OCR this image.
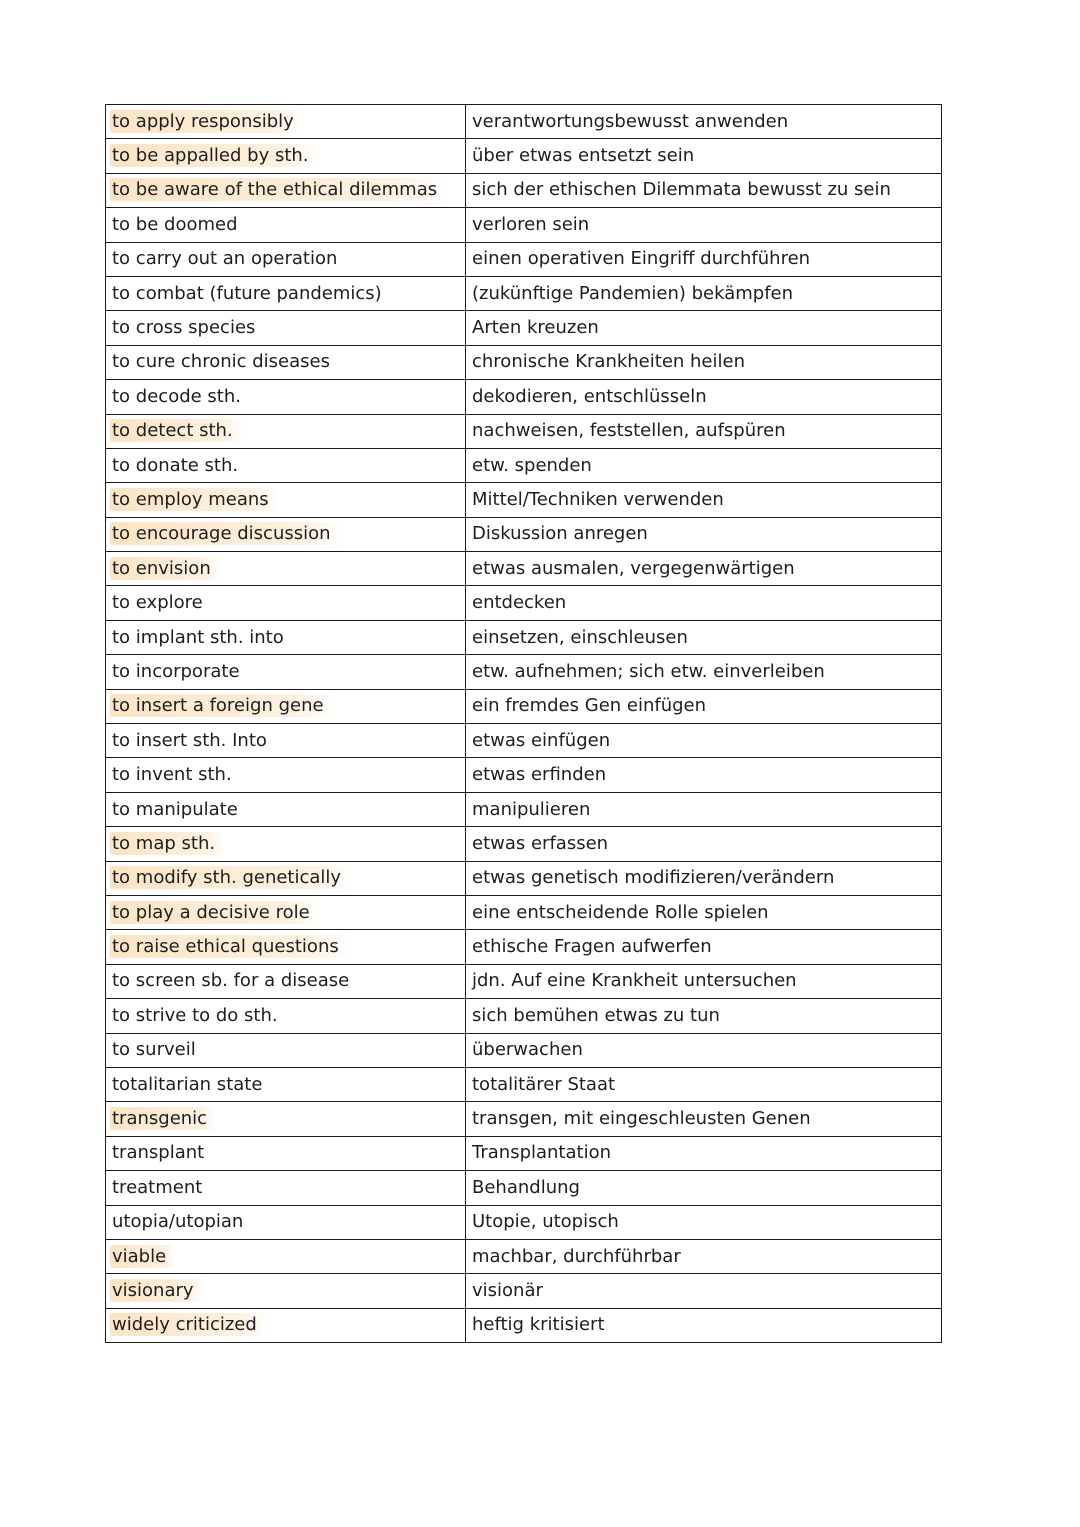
to apply responsibly	verantwortungsbewusst anwenden
to be appalled by sth.	über etwas entsetzt sein
to be aware of the ethical dilemmas	sich der ethischen Dilemmata bewusst zu sein
to be doomed	verloren sein
to carry out an operation	einen operativen Eingriff durchführen
to combat (future pandemics)	(zukünftige Pandemien) bekämpfen
to cross species	Arten kreuzen
to cure chronic diseases	chronische Krankheiten heilen
to decode sth.	dekodieren, entschlüsseln
to detect sth.	nachweisen, feststellen, aufspüren
to donate sth.	etw. spenden
to employ means	Mittel/Techniken verwenden
to encourage discussion	Diskussion anregen
to envision	etwas ausmalen, vergegenwärtigen
to explore	entdecken
to implant sth. into	einsetzen, einschleusen
to incorporate	etw. aufnehmen; sich etw. einverleiben
to insert a foreign gene	ein fremdes Gen einfügen
to insert sth. Into	etwas einfügen
to invent sth.	etwas erfinden
to manipulate	manipulieren
to map sth.	etwas erfassen
to modify sth. genetically	etwas genetisch modifizieren/verändern
to play a decisive role	eine entscheidende Rolle spielen
to raise ethical questions	ethische Fragen aufwerfen
to screen sb. for a disease	jdn. Auf eine Krankheit untersuchen
to strive to do sth.	sich bemühen etwas zu tun
to surveil	überwachen
totalitarian state	totalitärer Staat
transgenic	transgen, mit eingeschleusten Genen
transplant	Transplantation
treatment	Behandlung
utopia/utopian	Utopie, utopisch
viable	machbar, durchführbar
visionary	visionär
widely criticized	heftig kritisiert
